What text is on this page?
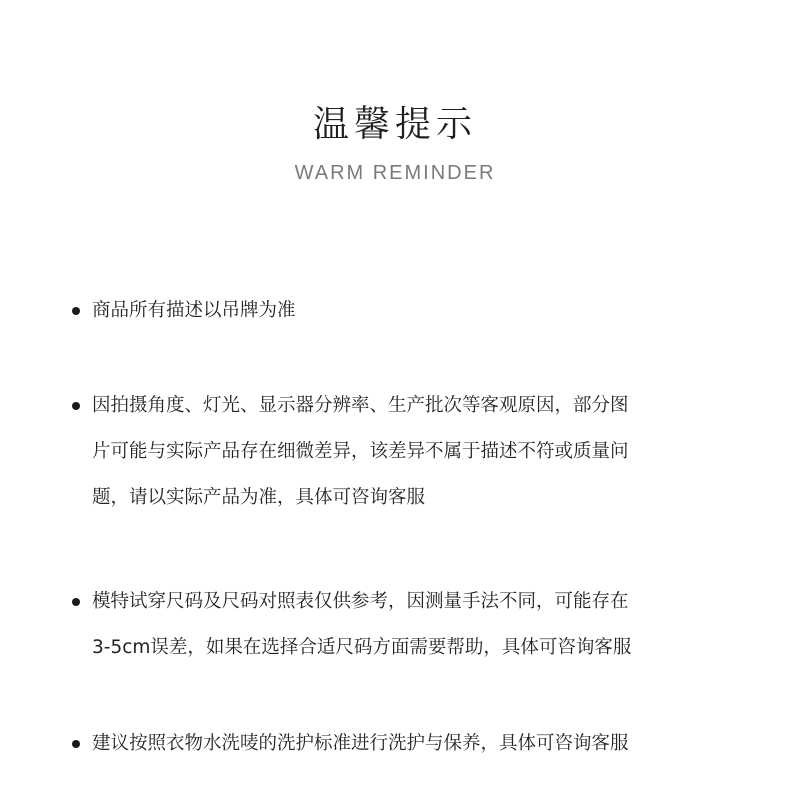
温馨提示
WARM REMINDER
商品所有描述以吊牌为准
因拍摄角度、灯光、显示器分辨率、生产批次等客观原因，部分图
片可能与实际产品存在细微差异，该差异不属于描述不符或质量问
题，请以实际产品为准，具体可咨询客服
模特试穿尺码及尺码对照表仅供参考，因测量手法不同，可能存在
3-5cm误差，如果在选择合适尺码方面需要帮助，具体可咨询客服
建议按照衣物水洗唛的洗护标准进行洗护与保养，具体可咨询客服
